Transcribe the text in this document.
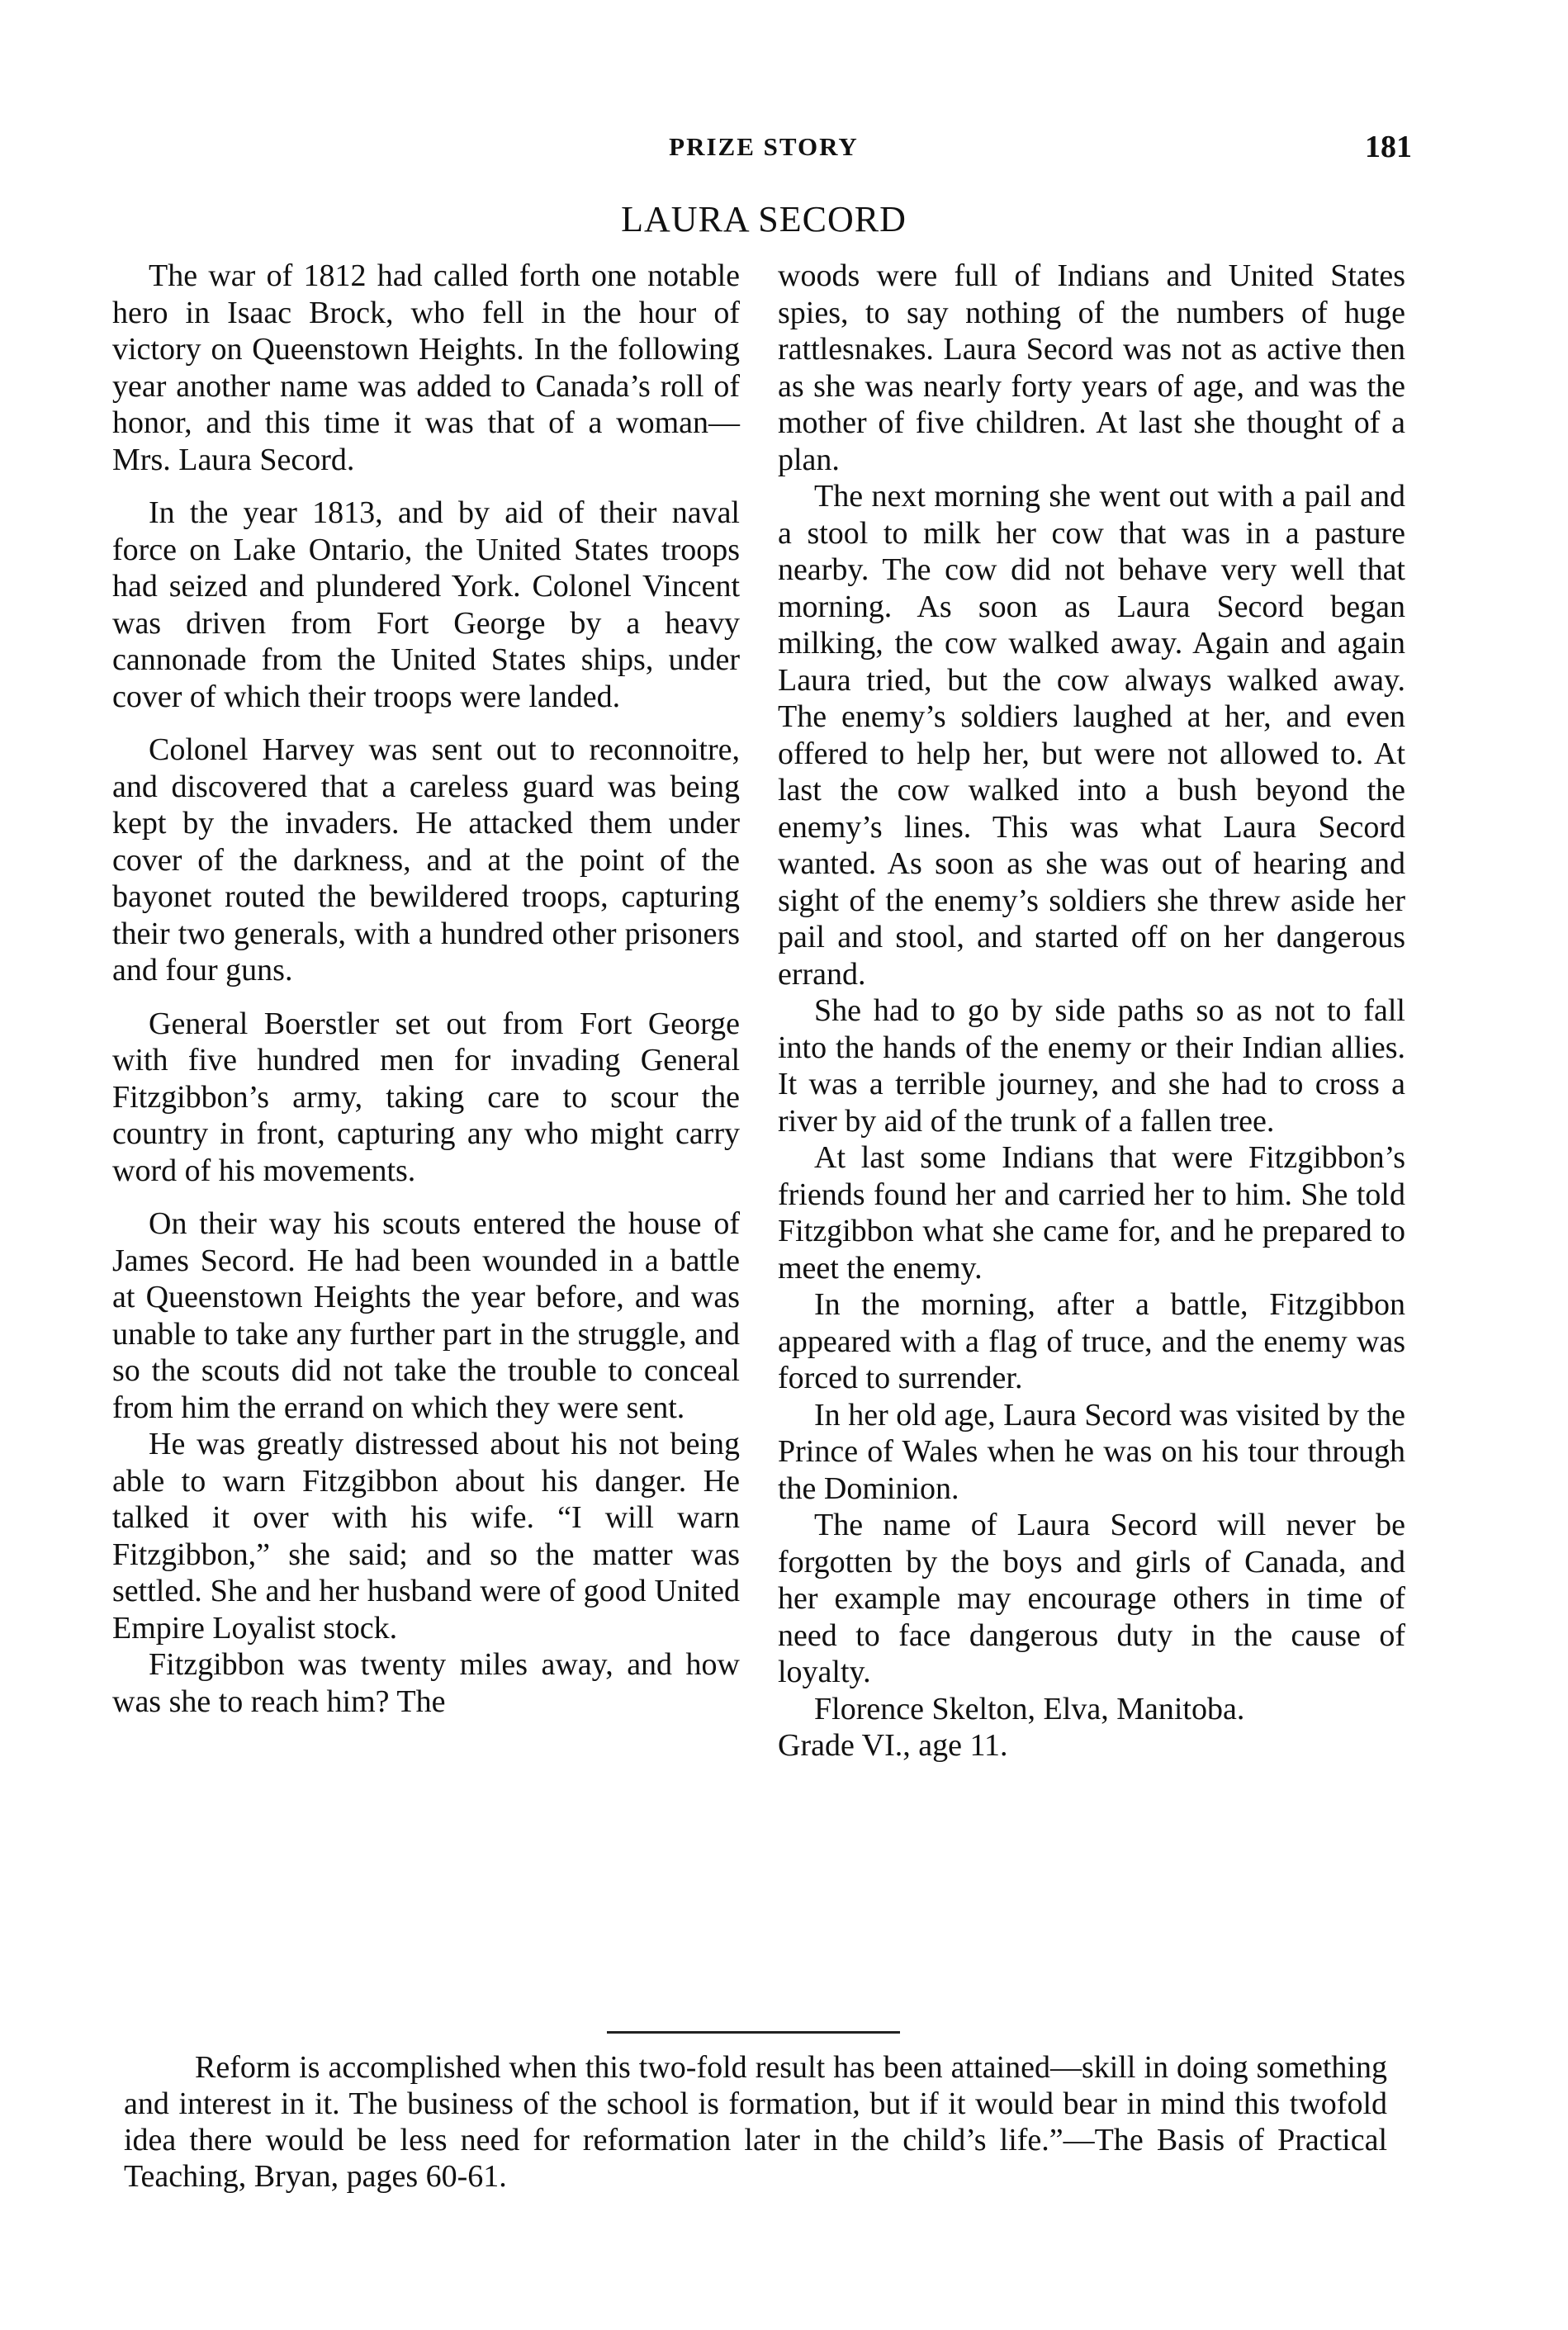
PRIZE STORY	181
LAURA SECORD

The war of 1812 had called forth one notable hero in Isaac Brock, who fell in the hour of victory on Queenstown Heights. In the following year another name was added to Canada’s roll of honor, and this time it was that of a woman—Mrs. Laura Secord.

In the year 1813, and by aid of their naval force on Lake Ontario, the United States troops had seized and plundered York. Colonel Vincent was driven from Fort George by a heavy cannonade from the United States ships, under cover of which their troops were landed.

Colonel Harvey was sent out to reconnoitre, and discovered that a careless guard was being kept by the invaders. He attacked them under cover of the darkness, and at the point of the bayonet routed the bewildered troops, capturing their two generals, with a hundred other prisoners and four guns.

General Boerstler set out from Fort George with five hundred men for invading General Fitzgibbon’s army, taking care to scour the country in front, capturing any who might carry word of his movements.

On their way his scouts entered the house of James Secord. He had been wounded in a battle at Queenstown Heights the year before, and was unable to take any further part in the struggle, and so the scouts did not take the trouble to conceal from him the errand on which they were sent.

He was greatly distressed about his not being able to warn Fitzgibbon about his danger. He talked it over with his wife. “I will warn Fitzgibbon,” she said; and so the matter was settled. She and her husband were of good United Empire Loyalist stock.

Fitzgibbon was twenty miles away, and how was she to reach him? The

woods were full of Indians and United States spies, to say nothing of the numbers of huge rattlesnakes. Laura Secord was not as active then as she was nearly forty years of age, and was the mother of five children. At last she thought of a plan.

The next morning she went out with a pail and a stool to milk her cow that was in a pasture nearby. The cow did not behave very well that morning. As soon as Laura Secord began milking, the cow walked away. Again and again Laura tried, but the cow always walked away. The enemy’s soldiers laughed at her, and even offered to help her, but were not allowed to. At last the cow walked into a bush beyond the enemy’s lines. This was what Laura Secord wanted. As soon as she was out of hearing and sight of the enemy’s soldiers she threw aside her pail and stool, and started off on her dangerous errand.

She had to go by side paths so as not to fall into the hands of the enemy or their Indian allies. It was a terrible journey, and she had to cross a river by aid of the trunk of a fallen tree.

At last some Indians that were Fitzgibbon’s friends found her and carried her to him. She told Fitzgibbon what she came for, and he prepared to meet the enemy.

In the morning, after a battle, Fitzgibbon appeared with a flag of truce, and the enemy was forced to surrender.

In her old age, Laura Secord was visited by the Prince of Wales when he was on his tour through the Dominion.

The name of Laura Secord will never be forgotten by the boys and girls of Canada, and her example may encourage others in time of need to face dangerous duty in the cause of loyalty.

Florence Skelton, Elva, Manitoba.

Grade VI., age 11.

Reform is accomplished when this two-fold result has been attained—skill in doing something and interest in it. The business of the school is formation, but if it would bear in mind this twofold idea there would be less need for reformation later in the child’s life.”—The Basis of Practical Teaching, Bryan, pages 60-61.
